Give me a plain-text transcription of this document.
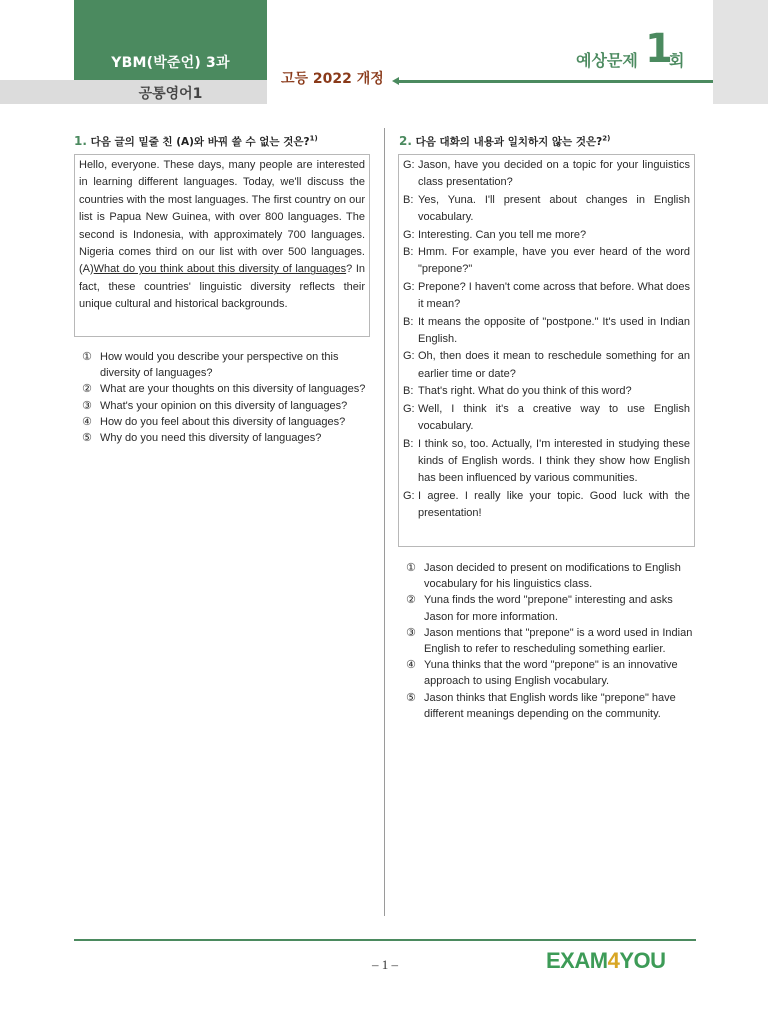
YBM(박준언) 3과
공통영어1
고등 2022 개정
예상문제 1
회
1. 다음 글의 밑줄 친 (A)와 바꿔 쓸 수 없는 것은?$^{1)}$
Hello, everyone. These days, many people are interested in learning different languages. Today, we'll discuss the countries with the most languages. The first country on our list is Papua New Guinea, with over 800 languages. The second is Indonesia, with approximately 700 languages. Nigeria comes third on our list with over 500 languages. (A)What do you think about this diversity of languages? In fact, these countries' linguistic diversity reflects their unique cultural and historical backgrounds.
① How would you describe your perspective on this diversity of languages?
② What are your thoughts on this diversity of languages?
③ What's your opinion on this diversity of languages?
④ How do you feel about this diversity of languages?
⑤ Why do you need this diversity of languages?
2. 다음 대화의 내용과 일치하지 않는 것은?$^{2)}$

G: Jason, have you decided on a topic for your linguistics class presentation?

B: Yes, Yuna. I'll present about changes in English vocabulary.

G: Interesting. Can you tell me more?

B: Hmm. For example, have you ever heard of the word "prepone?"

G: Prepone? I haven't come across that before. What does it mean?

B: It means the opposite of "postpone." It's used in Indian English.

G: Oh, then does it mean to reschedule something for an earlier time or date?

B: That's right. What do you think of this word?

G: Well, I think it's a creative way to use English vocabulary.

B: I think so, too. Actually, I'm interested in studying these kinds of English words. I think they show how English has been influenced by various communities.

G: I agree. I really like your topic. Good luck with the presentation!

① Jason decided to present on modifications to English vocabulary for his linguistics class.
② Yuna finds the word "prepone" interesting and asks Jason for more information.
③ Jason mentions that "prepone" is a word used in Indian English to refer to rescheduling something earlier.
④ Yuna thinks that the word "prepone" is an innovative approach to using English vocabulary.
⑤ Jason thinks that English words like "prepone" have different meanings depending on the community.
– 1 –	EXAM4YOU
